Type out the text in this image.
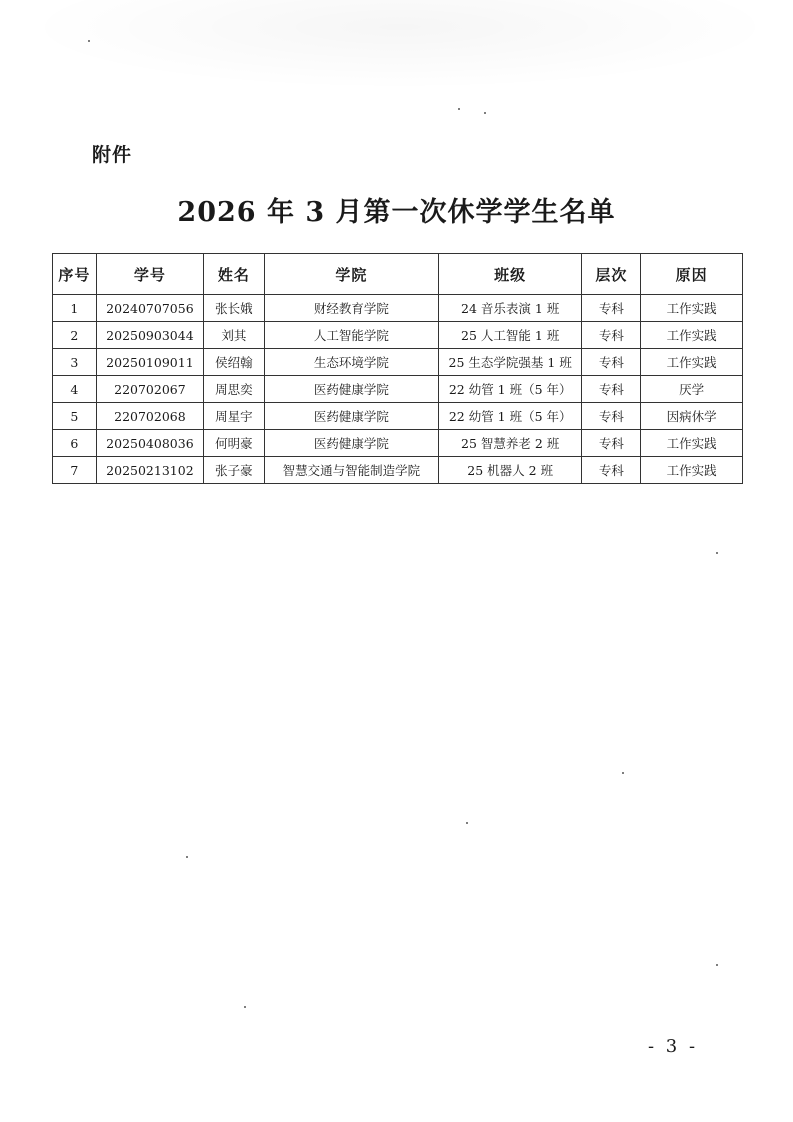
附件
2026 年 3 月第一次休学学生名单
序号	学号	姓名	学院	班级	层次	原因
1	20240707056	张长娥	财经教育学院	24 音乐表演 1 班	专科	工作实践
2	20250903044	刘其	人工智能学院	25 人工智能 1 班	专科	工作实践
3	20250109011	侯绍翰	生态环境学院	25 生态学院强基 1 班	专科	工作实践
4	220702067	周思奕	医药健康学院	22 幼管 1 班（5 年）	专科	厌学
5	220702068	周星宇	医药健康学院	22 幼管 1 班（5 年）	专科	因病休学
6	20250408036	何明豪	医药健康学院	25 智慧养老 2 班	专科	工作实践
7	20250213102	张子豪	智慧交通与智能制造学院	25 机器人 2 班	专科	工作实践
- 3 -
